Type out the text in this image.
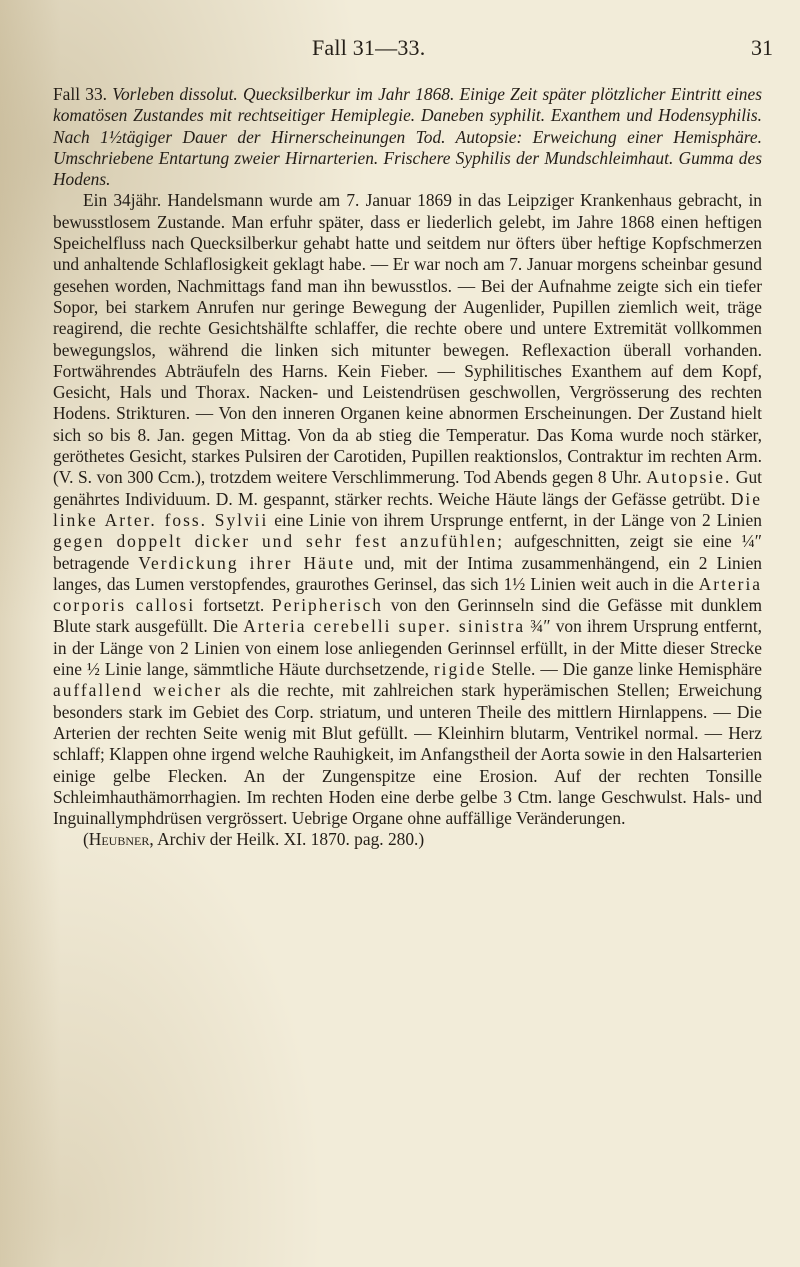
Fall 31—33.	31

Fall 33. Vorleben dissolut. Quecksilberkur im Jahr 1868. Einige Zeit später plötzlicher Eintritt eines komatösen Zustandes mit rechtseitiger Hemiplegie. Daneben syphilit. Exanthem und Hodensyphilis. Nach 1½tägiger Dauer der Hirnerscheinungen Tod. Autopsie: Erweichung einer Hemisphäre. Umschriebene Entartung zweier Hirnarterien. Frischere Syphilis der Mundschleimhaut. Gumma des Hodens.

Ein 34jähr. Handelsmann wurde am 7. Januar 1869 in das Leipziger Krankenhaus gebracht, in bewusstlosem Zustande. Man erfuhr später, dass er liederlich gelebt, im Jahre 1868 einen heftigen Speichelfluss nach Quecksilberkur gehabt hatte und seitdem nur öfters über heftige Kopfschmerzen und anhaltende Schlaflosigkeit geklagt habe. — Er war noch am 7. Januar morgens scheinbar gesund gesehen worden, Nachmittags fand man ihn bewusstlos. — Bei der Aufnahme zeigte sich ein tiefer Sopor, bei starkem Anrufen nur geringe Bewegung der Augenlider, Pupillen ziemlich weit, träge reagirend, die rechte Gesichtshälfte schlaffer, die rechte obere und untere Extremität vollkommen bewegungslos, während die linken sich mitunter bewegen. Reflexaction überall vorhanden. Fortwährendes Abträufeln des Harns. Kein Fieber. — Syphilitisches Exanthem auf dem Kopf, Gesicht, Hals und Thorax. Nacken- und Leistendrüsen geschwollen, Vergrösserung des rechten Hodens. Strikturen. — Von den inneren Organen keine abnormen Erscheinungen. Der Zustand hielt sich so bis 8. Jan. gegen Mittag. Von da ab stieg die Temperatur. Das Koma wurde noch stärker, geröthetes Gesicht, starkes Pulsiren der Carotiden, Pupillen reaktionslos, Contraktur im rechten Arm. (V. S. von 300 Ccm.), trotzdem weitere Verschlimmerung. Tod Abends gegen 8 Uhr. Autopsie. Gut genährtes Individuum. D. M. gespannt, stärker rechts. Weiche Häute längs der Gefässe getrübt. Die linke Arter. foss. Sylvii eine Linie von ihrem Ursprunge entfernt, in der Länge von 2 Linien gegen doppelt dicker und sehr fest anzufühlen; aufgeschnitten, zeigt sie eine ¼″ betragende Verdickung ihrer Häute und, mit der Intima zusammenhängend, ein 2 Linien langes, das Lumen verstopfendes, graurothes Gerinsel, das sich 1½ Linien weit auch in die Arteria corporis callosi fortsetzt. Peripherisch von den Gerinnseln sind die Gefässe mit dunklem Blute stark ausgefüllt. Die Arteria cerebelli super. sinistra ¾″ von ihrem Ursprung entfernt, in der Länge von 2 Linien von einem lose anliegenden Gerinnsel erfüllt, in der Mitte dieser Strecke eine ½ Linie lange, sämmtliche Häute durchsetzende, rigide Stelle. — Die ganze linke Hemisphäre auffallend weicher als die rechte, mit zahlreichen stark hyperämischen Stellen; Erweichung besonders stark im Gebiet des Corp. striatum, und unteren Theile des mittlern Hirnlappens. — Die Arterien der rechten Seite wenig mit Blut gefüllt. — Kleinhirn blutarm, Ventrikel normal. — Herz schlaff; Klappen ohne irgend welche Rauhigkeit, im Anfangstheil der Aorta sowie in den Halsarterien einige gelbe Flecken. An der Zungenspitze eine Erosion. Auf der rechten Tonsille Schleimhauthämorrhagien. Im rechten Hoden eine derbe gelbe 3 Ctm. lange Geschwulst. Hals- und Inguinallymphdrüsen vergrössert. Uebrige Organe ohne auffällige Veränderungen.

(Heubner, Archiv der Heilk. XI. 1870. pag. 280.)
